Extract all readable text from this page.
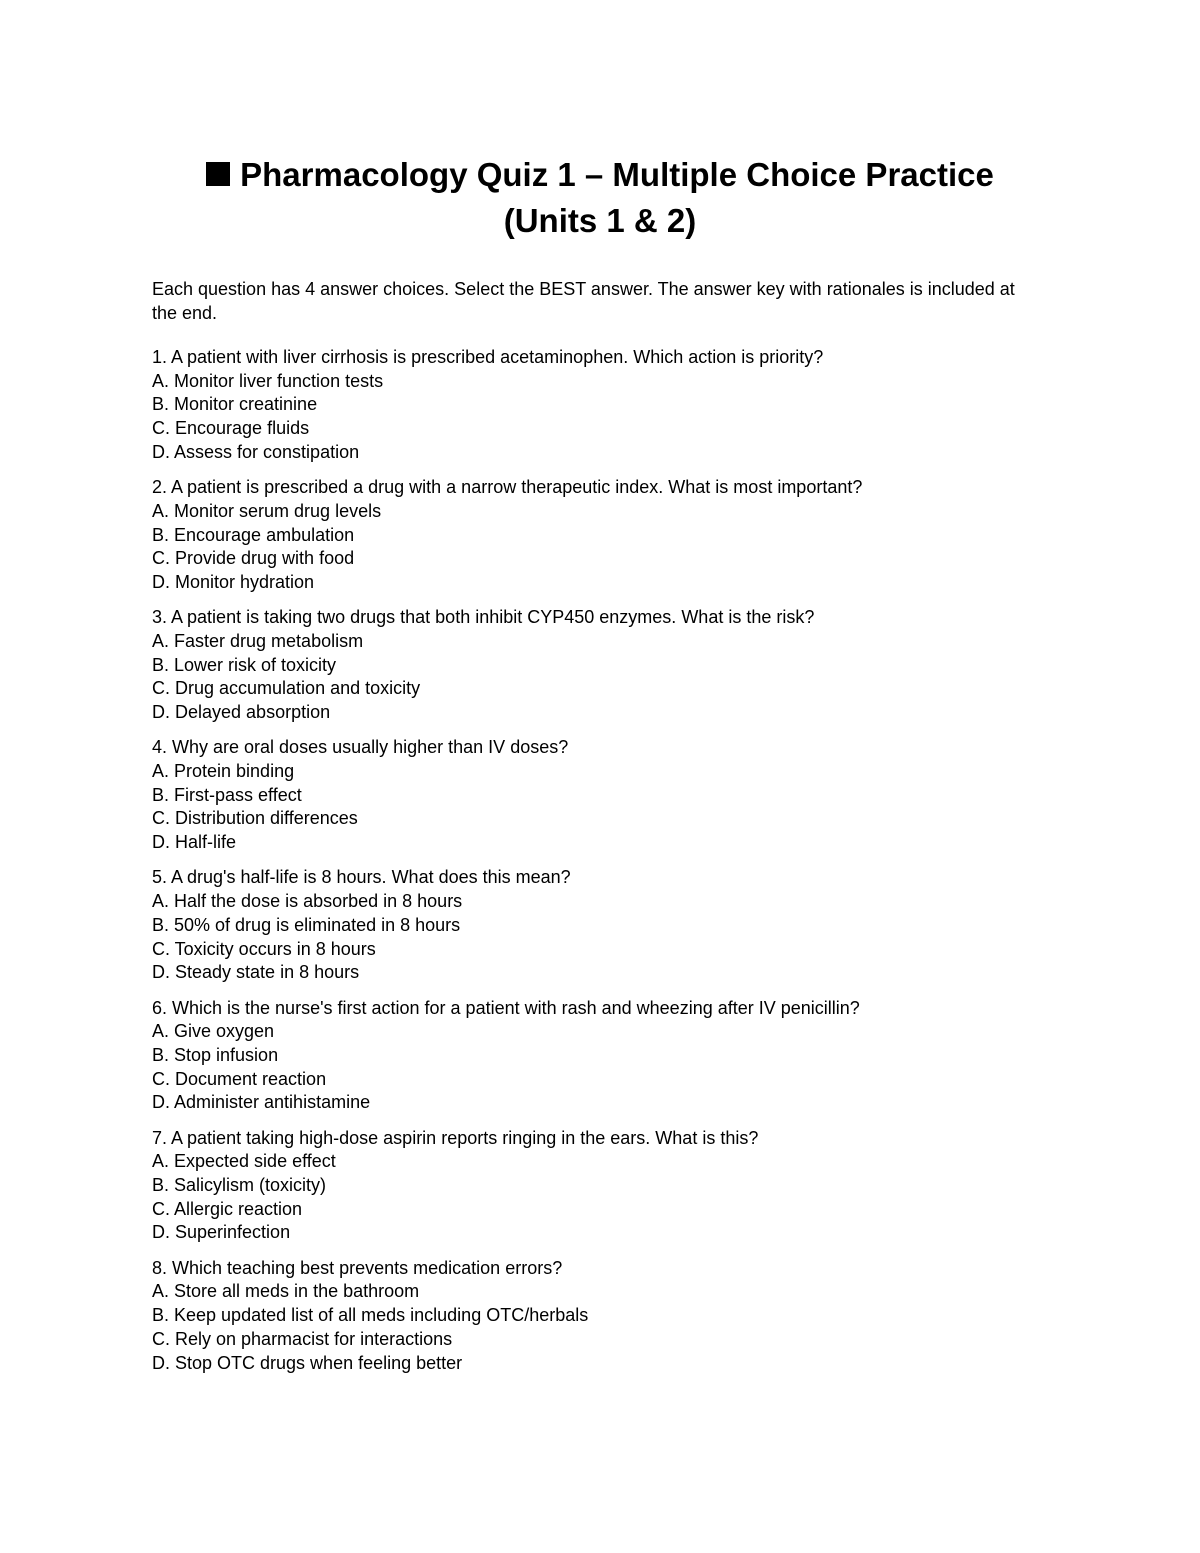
Pharmacology Quiz 1 – Multiple Choice Practice
(Units 1 & 2)
Each question has 4 answer choices. Select the BEST answer. The answer key with rationales is included at the end.
1. A patient with liver cirrhosis is prescribed acetaminophen. Which action is priority?
A. Monitor liver function tests
B. Monitor creatinine
C. Encourage fluids
D. Assess for constipation
2. A patient is prescribed a drug with a narrow therapeutic index. What is most important?
A. Monitor serum drug levels
B. Encourage ambulation
C. Provide drug with food
D. Monitor hydration
3. A patient is taking two drugs that both inhibit CYP450 enzymes. What is the risk?
A. Faster drug metabolism
B. Lower risk of toxicity
C. Drug accumulation and toxicity
D. Delayed absorption
4. Why are oral doses usually higher than IV doses?
A. Protein binding
B. First-pass effect
C. Distribution differences
D. Half-life
5. A drug's half-life is 8 hours. What does this mean?
A. Half the dose is absorbed in 8 hours
B. 50% of drug is eliminated in 8 hours
C. Toxicity occurs in 8 hours
D. Steady state in 8 hours
6. Which is the nurse's first action for a patient with rash and wheezing after IV penicillin?
A. Give oxygen
B. Stop infusion
C. Document reaction
D. Administer antihistamine
7. A patient taking high-dose aspirin reports ringing in the ears. What is this?
A. Expected side effect
B. Salicylism (toxicity)
C. Allergic reaction
D. Superinfection
8. Which teaching best prevents medication errors?
A. Store all meds in the bathroom
B. Keep updated list of all meds including OTC/herbals
C. Rely on pharmacist for interactions
D. Stop OTC drugs when feeling better
